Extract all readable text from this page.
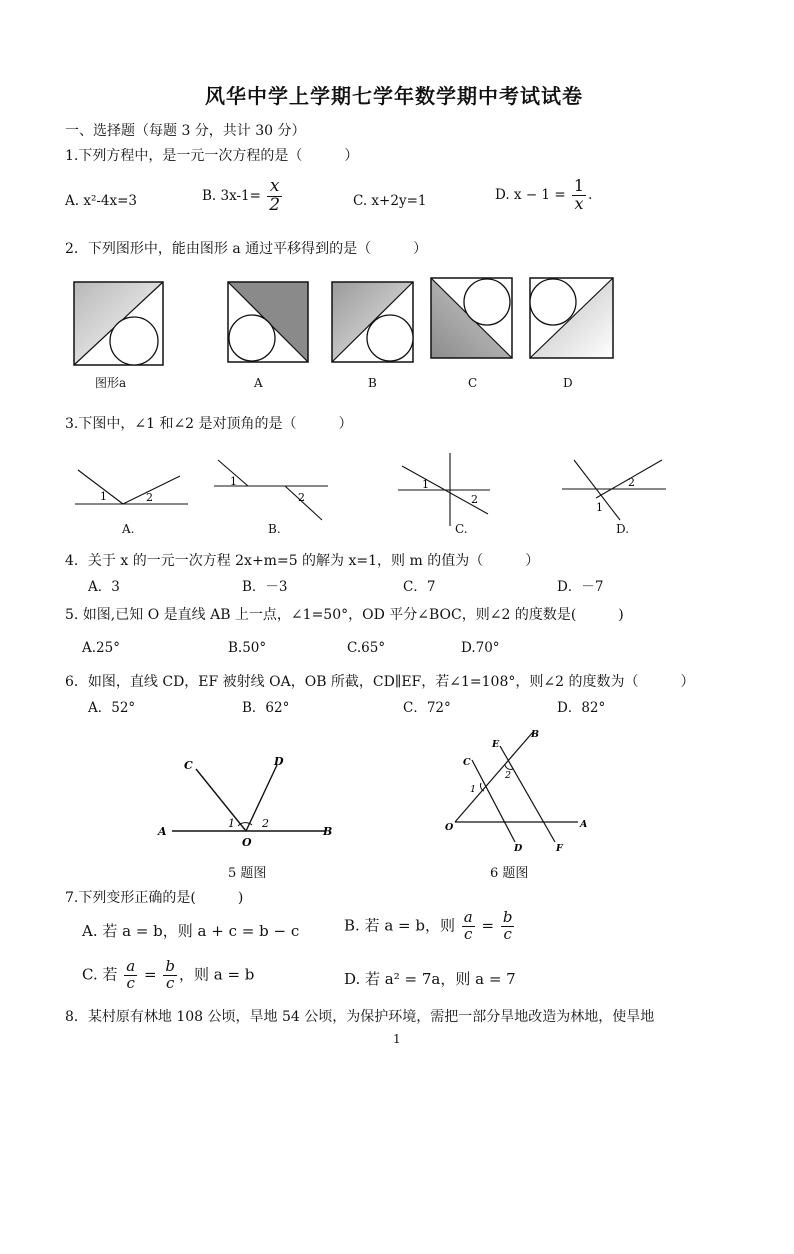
风华中学上学期七学年数学期中考试试卷
一、选择题（每题 3 分，共计 30 分）
1.下列方程中，是一元一次方程的是（　　　）
A. x²-4x=3	B. $3x-1= \frac{x}{2}$	C. x+2y=1	D. $x - 1 = \frac{1}{x}$ .
2．下列图形中，能由图形 a 通过平移得到的是（　　　）
图形a	A	B	C	D
3.下图中，∠1 和∠2 是对顶角的是（　　　）
1	2
1
2
1
2
2
1
A.	B.	C.	D.
4．关于 x 的一元一次方程 2x+m=5 的解为 x=1，则 m 的值为（　　　）
A．3	B．－3	C．7	D．－7
5. 如图,已知 O 是直线 AB 上一点，∠1=50°，OD 平分∠BOC，则∠2 的度数是(　　　)
A.25°	B.50°	C.65°	D.70°
6．如图，直线 CD，EF 被射线 OA，OB 所截，CD∥EF，若∠1=108°，则∠2 的度数为（　　　）
A．52°	B．62°	C．72°	D．82°
A	B
C	D
O
1 2
B
E
C
A
O
D	F
1
2
5 题图	6 题图
7.下列变形正确的是(　　　)
A. 若 a = b，则 a + c = b − c	B. 若 a = b，则 $\frac{a}{c} = \frac{b}{c}$
C. 若 $\frac{a}{c} = \frac{b}{c}$ ，则 a = b	D. 若 a² = 7a，则 a = 7
8．某村原有林地 108 公顷，旱地 54 公顷，为保护环境，需把一部分旱地改造为林地，使旱地
1
